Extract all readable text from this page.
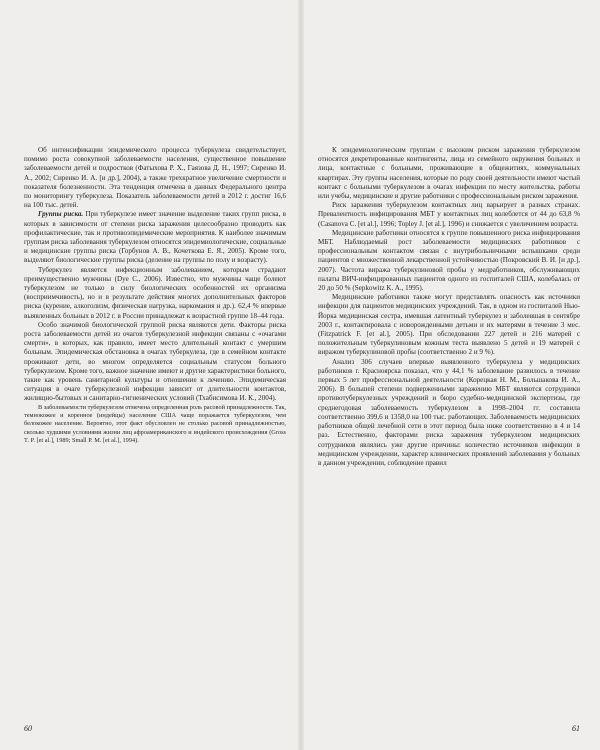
Об интенсификации эпидемического процесса туберкулеза свидетельствует, помимо роста совокупной заболеваемости населения, существенное повышение заболеваемости детей и подростков (Фатыхова Р. Х., Гаязова Д. Н., 1997; Сиренко И. А., 2002; Сиренко И. А. [и др.], 2004), а также трехкратное увеличение смертности и показателя болезненности. Эта тенденция отмечена в данных Федерального центра по мониторингу туберкулеза. Показатель заболеваемости детей в 2012 г. достиг 16,6 на 100 тыс. детей.

Группы риска. При туберкулезе имеет значение выделение таких групп риска, в которых в зависимости от степени риска заражения целесообразно проводить как профилактические, так и противоэпидемические мероприятия. К наиболее значимым группам риска заболевания туберкулезом относятся эпидемиологические, социальные и медицинские группы риска (Горбунов А. В., Кочеткова Е. Я., 2005). Кроме того, выделяют биологические группы риска (деление на группы по полу и возрасту).

Туберкулез является инфекционным заболеванием, которым страдают преимущественно мужчины (Dye C., 2006). Известно, что мужчины чаще болеют туберкулезом не только в силу биологических особенностей их организма (восприимчивость), но и в результате действия многих дополнительных факторов риска (курение, алкоголизм, физическая нагрузка, наркомания и др.). 62,4 % впервые выявленных больных в 2012 г. в России принадлежат к возрастной группе 18–44 года.

Особо значимой биологической группой риска являются дети. Факторы риска роста заболеваемости детей из очагов туберкулезной инфекции связаны с «очагами смерти», в которых, как правило, имеет место длительный контакт с умершим больным. Эпидемическая обстановка в очагах туберкулеза, где в семейном контакте проживают дети, во многом определяется социальным статусом больного туберкулезом. Кроме того, важное значение имеют и другие характеристики больного, такие как уровень санитарной культуры и отношение к лечению. Эпидемическая ситуация в очаге туберкулезной инфекции зависит от длительности контактов, жилищно-бытовых и санитарно-гигиенических условий (Тхабисимова И. К., 2004).

В заболеваемости туберкулезом отмечена определенная роль расовой принадлежности. Так, темнокожее и коренное (индейцы) население США чаще поражается туберкулезом, чем белокожее население. Вероятно, этот факт обусловлен не столько расовой принадлежностью, сколько худшими условиями жизни лиц афроамериканского и индейского происхождения (Gross T. P. [et al.], 1989; Small P. M. [et al.], 1994).

60

К эпидемиологическим группам с высоким риском заражения туберкулезом относятся декретированные контингенты, лица из семейного окружения больных и лица, контактные с больными, проживающие в общежитиях, коммунальных квартирах. Эту группы населения, которые по роду своей деятельности имеют частый контакт с больными туберкулезом в очагах инфекции по месту жительства, работы или учебы, медицинские и другие работники с профессиональным риском заражения.

Риск заражения туберкулезом контактных лиц варьирует в разных странах. Превалентность инфицирования МБТ у контактных лиц колеблется от 44 до 63,8 % (Casanova C. [et al.], 1996; Topley J. [et al.], 1996) и снижается с увеличением возраста.

Медицинские работники относятся к группе повышенного риска инфицирования МБТ. Наблюдаемый рост заболеваемости медицинских работников с профессиональным контактом связан с внутрибольничными вспышками среди пациентов с множественной лекарственной устойчивостью (Покровский В. И. [и др.], 2007). Частота виража туберкулиновой пробы у медработников, обслуживающих палаты ВИЧ-инфицированных пациентов одного из госпиталей США, колебалась от 20 до 50 % (Sepkowitz K. A., 1995).

Медицинские работники также могут представлять опасность как источники инфекции для пациентов медицинских учреждений. Так, в одном из госпиталей Нью-Йорка медицинская сестра, имевшая латентный туберкулез и заболевшая в сентябре 2003 г., контактировала с новорожденными детьми и их матерями в течение 3 мес. (Fitzpatrick F. [et al.], 2005). При обследовании 227 детей и 216 матерей с положительным туберкулиновым кожным теста выявлено 5 детей и 19 матерей с виражом туберкулиновой пробы (соответственно 2 и 9 %).

Анализ 306 случаев впервые выявленного туберкулеза у медицинских работников г. Красноярска показал, что у 44,1 % заболевание развилось в течение первых 5 лет профессиональной деятельности (Корецкая Н. М., Большакова И. А., 2006). В большей степени подверженными заражению МБТ являются сотрудники противотуберкулезных учреждений и бюро судебно-медицинской экспертизы, где среднегодовая заболеваемость туберкулезом в 1998–2004 гг. составила соответственно 399,6 и 1358,0 на 100 тыс. работающих. Заболеваемость медицинских работников общей лечебной сети в этот период была ниже соответственно в 4 и 14 раз. Естественно, факторами риска заражения туберкулезом медицинских сотрудников являлись уже другие причины: количество источников инфекции в медицинском учреждении, характер клинических проявлений заболевания у больных в данном учреждении, соблюдение правил

61
